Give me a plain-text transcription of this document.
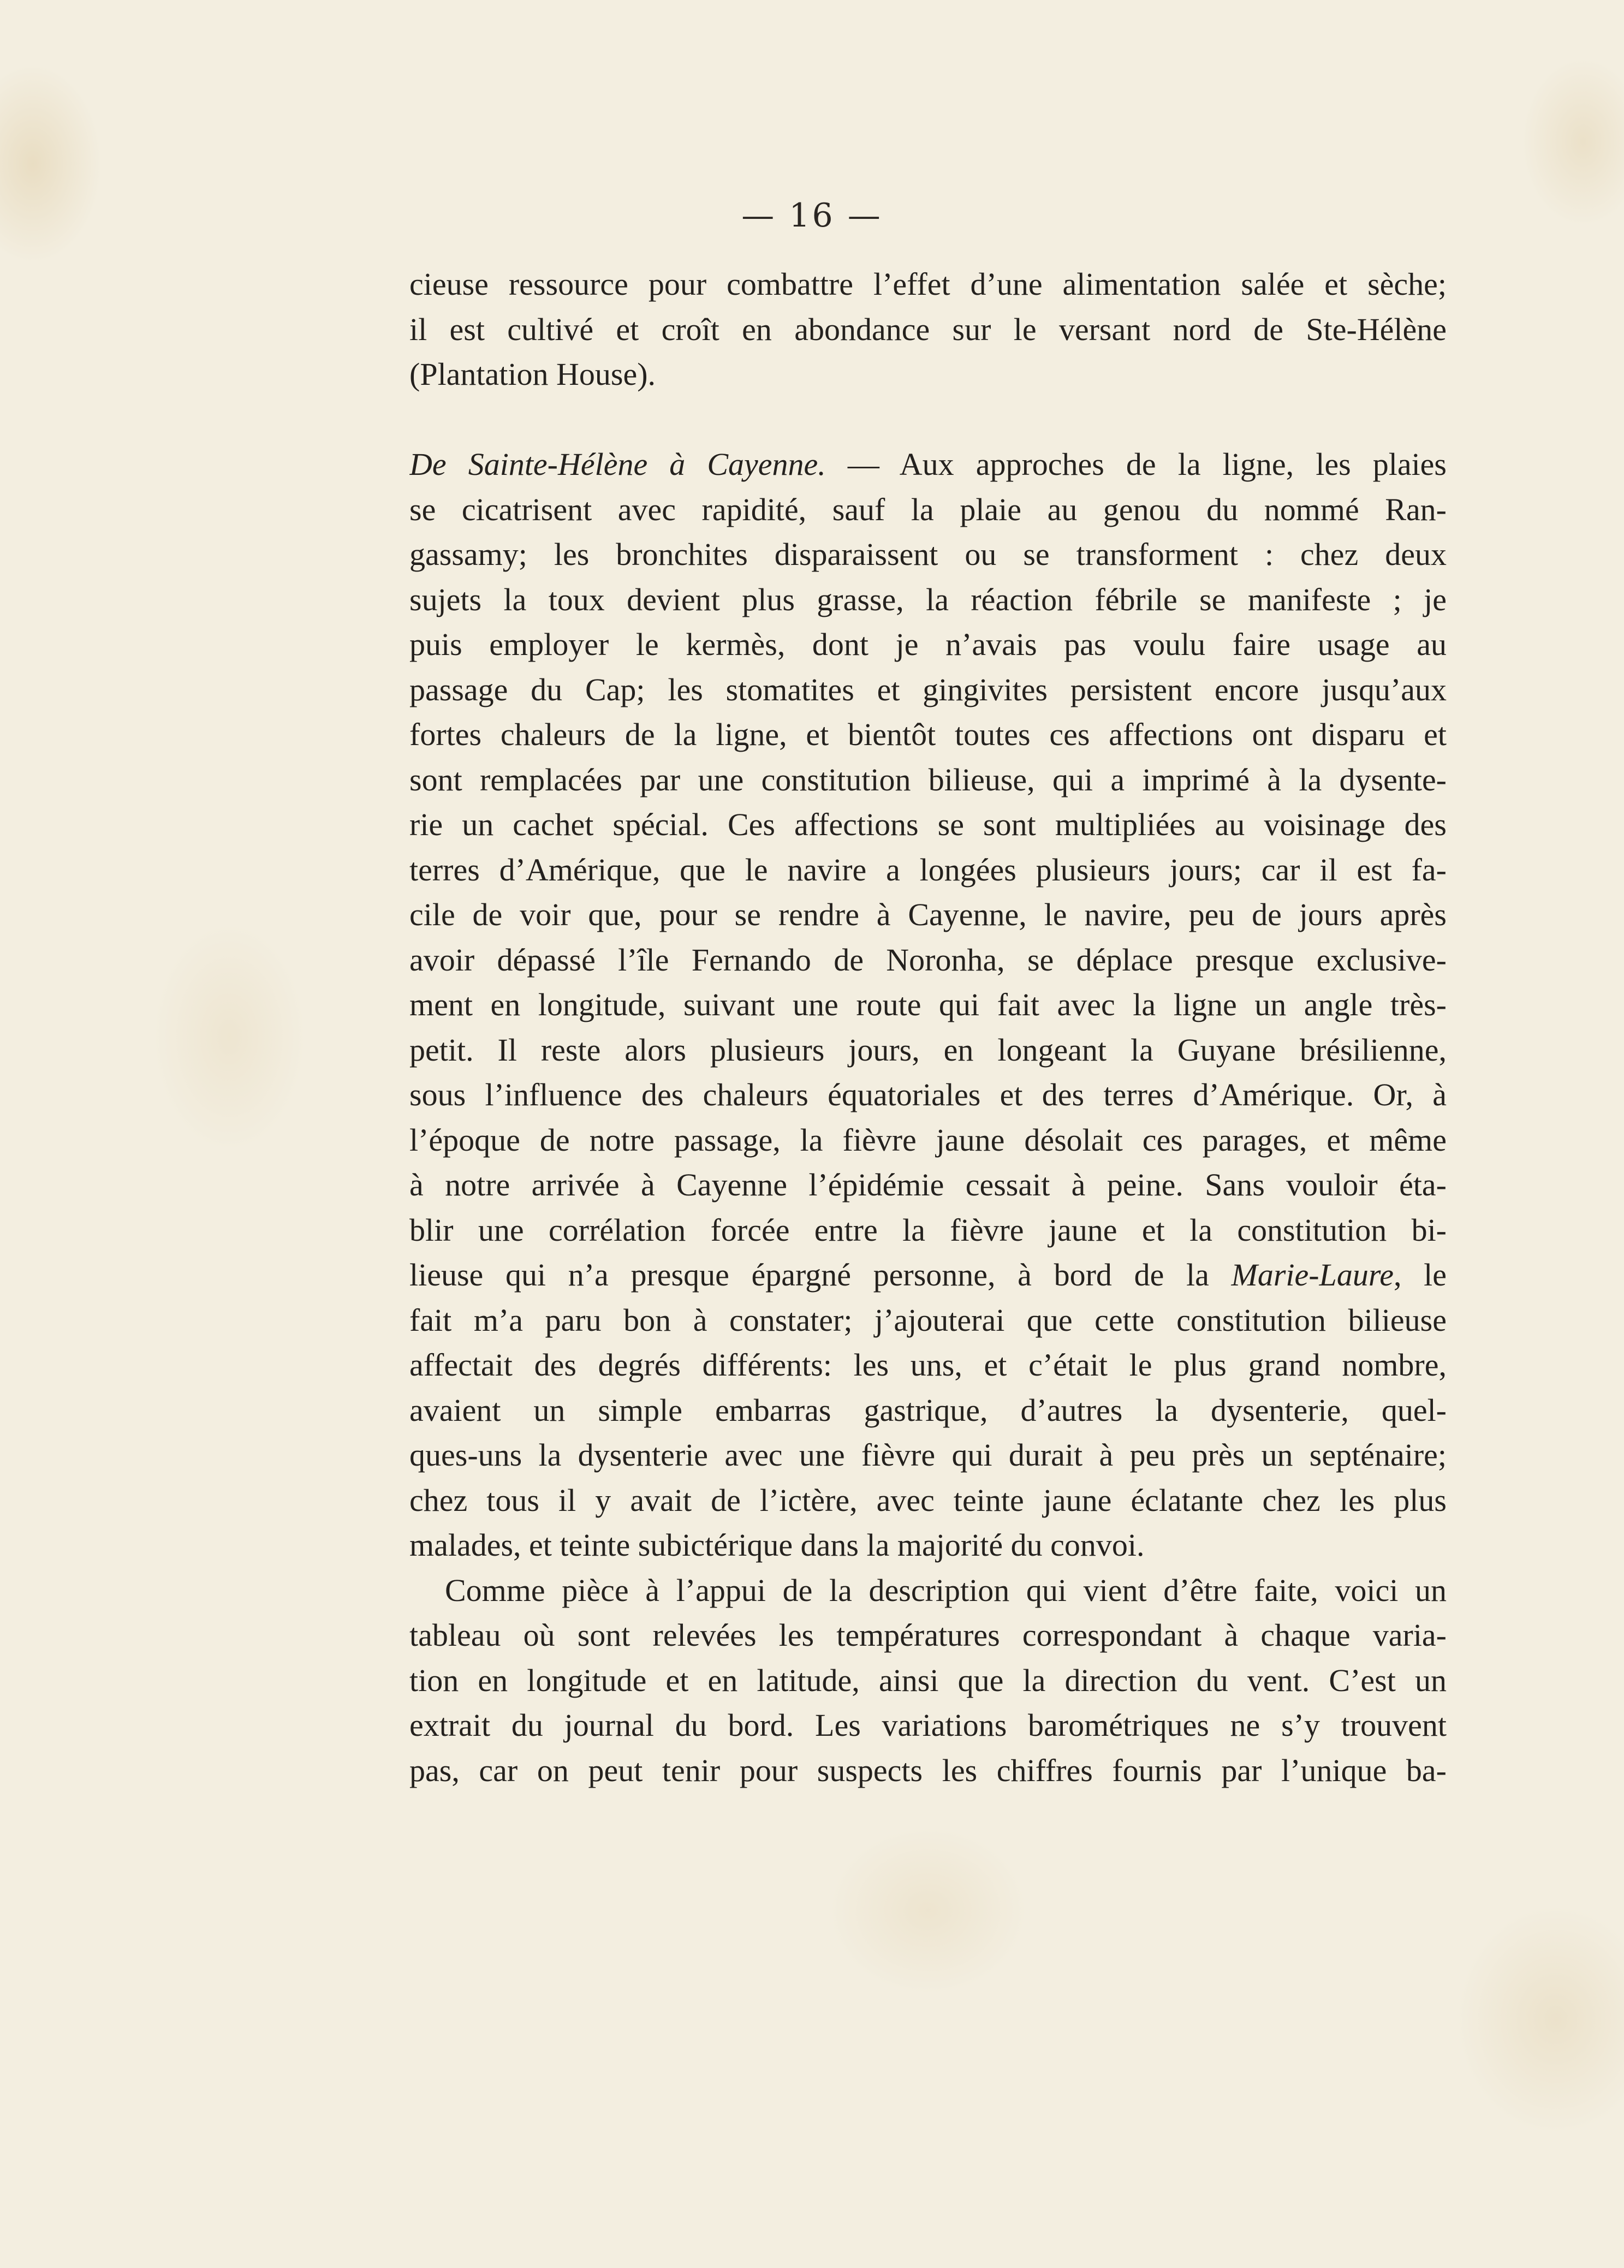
— 16 —
cieuse ressource pour combattre l’effet d’une alimentation salée et sèche;
il est cultivé et croît en abondance sur le versant nord de Ste-Hélène
(Plantation House).
De Sainte-Hélène à Cayenne. — Aux approches de la ligne, les plaies
se cicatrisent avec rapidité, sauf la plaie au genou du nommé Ran-
gassamy; les bronchites disparaissent ou se transforment : chez deux
sujets la toux devient plus grasse, la réaction fébrile se manifeste ; je
puis employer le kermès, dont je n’avais pas voulu faire usage au
passage du Cap; les stomatites et gingivites persistent encore jusqu’aux
fortes chaleurs de la ligne, et bientôt toutes ces affections ont disparu et
sont remplacées par une constitution bilieuse, qui a imprimé à la dysente-
rie un cachet spécial. Ces affections se sont multipliées au voisinage des
terres d’Amérique, que le navire a longées plusieurs jours; car il est fa-
cile de voir que, pour se rendre à Cayenne, le navire, peu de jours après
avoir dépassé l’île Fernando de Noronha, se déplace presque exclusive-
ment en longitude, suivant une route qui fait avec la ligne un angle très-
petit. Il reste alors plusieurs jours, en longeant la Guyane brésilienne,
sous l’influence des chaleurs équatoriales et des terres d’Amérique. Or, à
l’époque de notre passage, la fièvre jaune désolait ces parages, et même
à notre arrivée à Cayenne l’épidémie cessait à peine. Sans vouloir éta-
blir une corrélation forcée entre la fièvre jaune et la constitution bi-
lieuse qui n’a presque épargné personne, à bord de la Marie-Laure, le
fait m’a paru bon à constater; j’ajouterai que cette constitution bilieuse
affectait des degrés différents: les uns, et c’était le plus grand nombre,
avaient un simple embarras gastrique, d’autres la dysenterie, quel-
ques-uns la dysenterie avec une fièvre qui durait à peu près un septénaire;
chez tous il y avait de l’ictère, avec teinte jaune éclatante chez les plus
malades, et teinte subictérique dans la majorité du convoi.
Comme pièce à l’appui de la description qui vient d’être faite, voici un
tableau où sont relevées les températures correspondant à chaque varia-
tion en longitude et en latitude, ainsi que la direction du vent. C’est un
extrait du journal du bord. Les variations barométriques ne s’y trouvent
pas, car on peut tenir pour suspects les chiffres fournis par l’unique ba-
